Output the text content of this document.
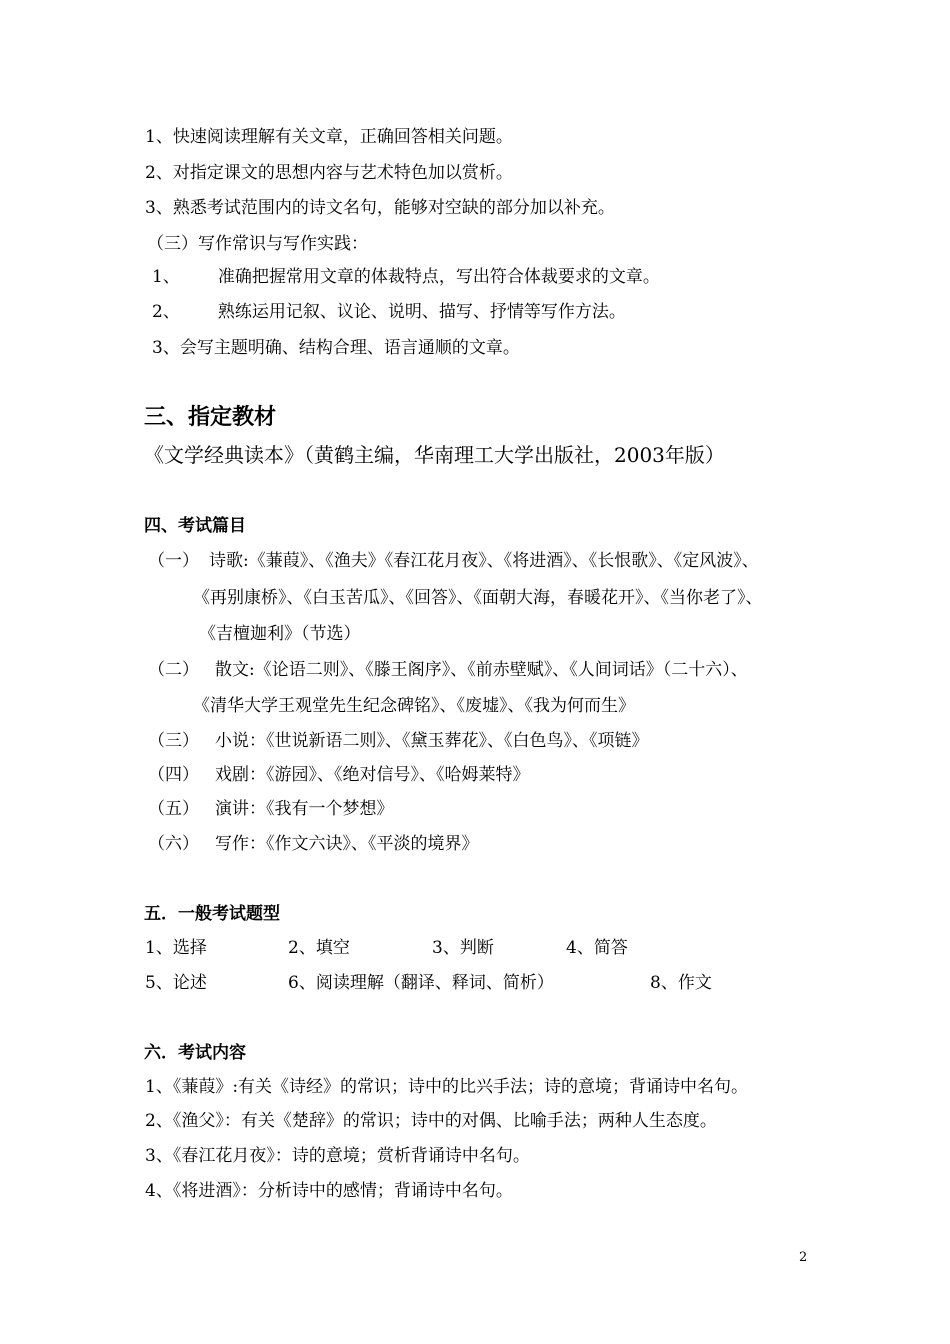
1、快速阅读理解有关文章，正确回答相关问题。
2、对指定课文的思想内容与艺术特色加以赏析。
3、熟悉考试范围内的诗文名句，能够对空缺的部分加以补充。
（三）写作常识与写作实践：
1、 准确把握常用文章的体裁特点，写出符合体裁要求的文章。
2、 熟练运用记叙、议论、说明、描写、抒情等写作方法。
3、会写主题明确、结构合理、语言通顺的文章。
三、指定教材
《文学经典读本》（黄鹤主编，华南理工大学出版社，2003年版）
四、考试篇目
（一） 诗歌:《蒹葭》、《渔夫》《春江花月夜》、《将进酒》、《长恨歌》、《定风波》、
《再别康桥》、《白玉苦瓜》、《回答》、《面朝大海，春暖花开》、《当你老了》、
《吉檀迦利》（节选）
（二） 散文:《论语二则》、《滕王阁序》、《前赤壁赋》、《人间词话》（二十六）、
《清华大学王观堂先生纪念碑铭》、《废墟》、《我为何而生》
（三） 小说：《世说新语二则》、《黛玉葬花》、《白色鸟》、《项链》
（四） 戏剧：《游园》、《绝对信号》、《哈姆莱特》
（五） 演讲：《我有一个梦想》
（六） 写作：《作文六诀》、《平淡的境界》
五．一般考试题型
1、选择	2、填空	3、判断	4、简答
5、论述	6、阅读理解（翻译、释词、简析）	8、作文
六．考试内容
1、《蒹葭》:有关《诗经》的常识；诗中的比兴手法；诗的意境；背诵诗中名句。
2、《渔父》：有关《楚辞》的常识；诗中的对偶、比喻手法；两种人生态度。
3、《春江花月夜》：诗的意境；赏析背诵诗中名句。
4、《将进酒》：分析诗中的感情；背诵诗中名句。
2
